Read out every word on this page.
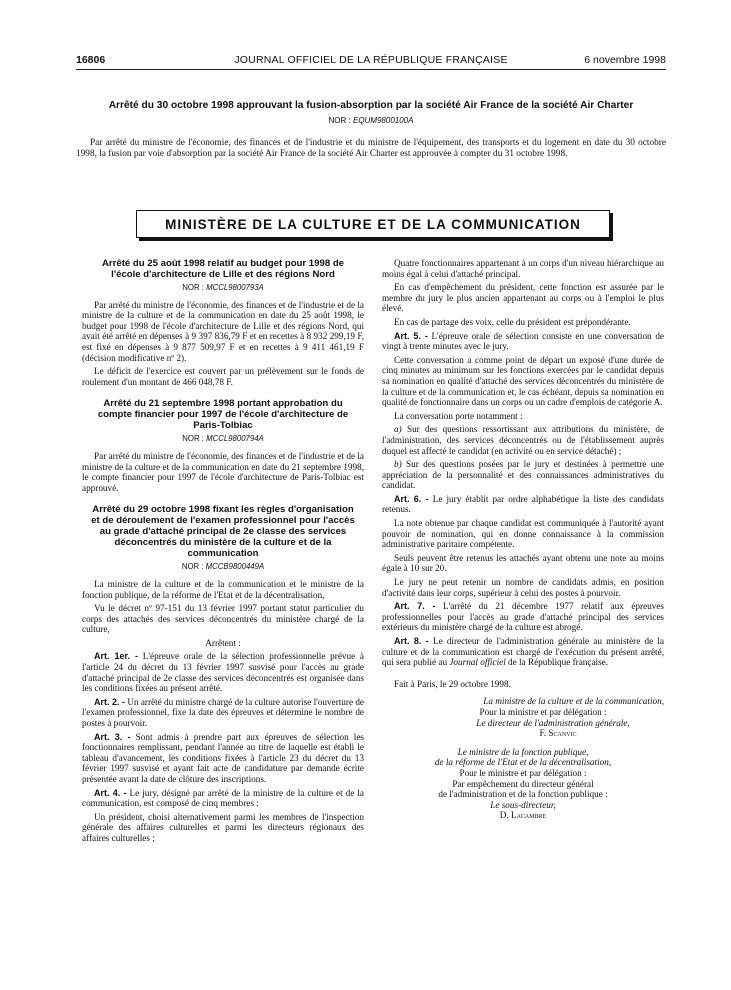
16806	JOURNAL OFFICIEL DE LA RÉPUBLIQUE FRANÇAISE	6 novembre 1998
Arrêté du 30 octobre 1998 approuvant la fusion-absorption par la société Air France de la société Air Charter
NOR : EQUM9800100A
Par arrêté du ministre de l'économie, des finances et de l'industrie et du ministre de l'équipement, des transports et du logement en date du 30 octobre 1998, la fusion par voie d'absorption par la société Air France de la société Air Charter est approuvée à compter du 31 octobre 1998.
MINISTÈRE DE LA CULTURE ET DE LA COMMUNICATION
Arrêté du 25 août 1998 relatif au budget pour 1998 de l'école d'architecture de Lille et des régions Nord
NOR : MCCL9800793A

Par arrêté du ministre de l'économie, des finances et de l'industrie et de la ministre de la culture et de la communication en date du 25 août 1998, le budget pour 1998 de l'école d'architecture de Lille et des régions Nord, qui avait été arrêté en dépenses à 9 397 836,79 F et en recettes à 8 932 299,19 F, est fixé en dépenses à 9 877 509,97 F et en recettes à 9 411 461,19 F (décision modificative nº 2).

Le déficit de l'exercice est couvert par un prélèvement sur le fonds de roulement d'un montant de 466 048,78 F.

Arrêté du 21 septembre 1998 portant approbation du compte financier pour 1997 de l'école d'architecture de Paris-Tolbiac
NOR : MCCL9800794A

Par arrêté du ministre de l'économie, des finances et de l'industrie et de la ministre de la culture et de la communication en date du 21 septembre 1998, le compte financier pour 1997 de l'école d'architecture de Paris-Tolbiac est approuvé.

Arrêté du 29 octobre 1998 fixant les règles d'organisation et de déroulement de l'examen professionnel pour l'accès au grade d'attaché principal de 2e classe des services déconcentrés du ministère de la culture et de la communication
NOR : MCCB9800449A

La ministre de la culture et de la communication et le ministre de la fonction publique, de la réforme de l'Etat et de la décentralisation,

Vu le décret nº 97-151 du 13 février 1997 portant statut particulier du corps des attachés des services déconcentrés du ministère chargé de la culture,

Arrêtent :

Art. 1er. - L'épreuve orale de la sélection professionnelle prévue à l'article 24 du décret du 13 février 1997 susvisé pour l'accès au grade d'attaché principal de 2e classe des services déconcentrés est organisée dans les conditions fixées au présent arrêté.

Art. 2. - Un arrêté du ministre chargé de la culture autorise l'ouverture de l'examen professionnel, fixe la date des épreuves et détermine le nombre de postes à pourvoir.

Art. 3. - Sont admis à prendre part aux épreuves de sélection les fonctionnaires remplissant, pendant l'année au titre de laquelle est établi le tableau d'avancement, les conditions fixées à l'article 23 du décret du 13 février 1997 susvisé et ayant fait acte de candidature par demande écrite présentée avant la date de clôture des inscriptions.

Art. 4. - Le jury, désigné par arrêté de la ministre de la culture et de la communication, est composé de cinq membres :

Un président, choisi alternativement parmi les membres de l'inspection générale des affaires culturelles et parmi les directeurs régionaux des affaires culturelles ;

Quatre fonctionnaires appartenant à un corps d'un niveau hiérarchique au moins égal à celui d'attaché principal.

En cas d'empêchement du président, cette fonction est assurée par le membre du jury le plus ancien appartenant au corps ou à l'emploi le plus élevé.

En cas de partage des voix, celle du président est prépondérante.

Art. 5. - L'épreuve orale de sélection consiste en une conversation de vingt à trente minutes avec le jury.

Cette conversation a comme point de départ un exposé d'une durée de cinq minutes au minimum sur les fonctions exercées par le candidat depuis sa nomination en qualité d'attaché des services déconcentrés du ministère de la culture et de la communication et, le cas échéant, depuis sa nomination en qualité de fonctionnaire dans un corps ou un cadre d'emplois de catégorie A.

La conversation porte notamment :

a) Sur des questions ressortissant aux attributions du ministère, de l'administration, des services déconcentrés ou de l'établissement auprès duquel est affecté le candidat (en activité ou en service détaché) ;

b) Sur des questions posées par le jury et destinées à permettre une appréciation de la personnalité et des connaissances administratives du candidat.

Art. 6. - Le jury établit par ordre alphabétique la liste des candidats retenus.

La note obtenue par chaque candidat est communiquée à l'autorité ayant pouvoir de nomination, qui en donne connaissance à la commission administrative paritaire compétente.

Seuls peuvent être retenus les attachés ayant obtenu une note au moins égale à 10 sur 20.

Le jury ne peut retenir un nombre de candidats admis, en position d'activité dans leur corps, supérieur à celui des postes à pourvoir.

Art. 7. - L'arrêté du 21 décembre 1977 relatif aux épreuves professionnelles pour l'accès au grade d'attaché principal des services extérieurs du ministère chargé de la culture est abrogé.

Art. 8. - Le directeur de l'administration générale au ministère de la culture et de la communication est chargé de l'exécution du présent arrêté, qui sera publié au Journal officiel de la République française.

Fait à Paris, le 29 octobre 1998.

La ministre de la culture et de la communication,

Pour la ministre et par délégation :

Le directeur de l'administration générale,

F. Scanvic

Le ministre de la fonction publique,

de la réforme de l'Etat et de la décentralisation,

Pour le ministre et par délégation :

Par empêchement du directeur général

de l'administration et de la fonction publique :

Le sous-directeur,

D. Lacambre
